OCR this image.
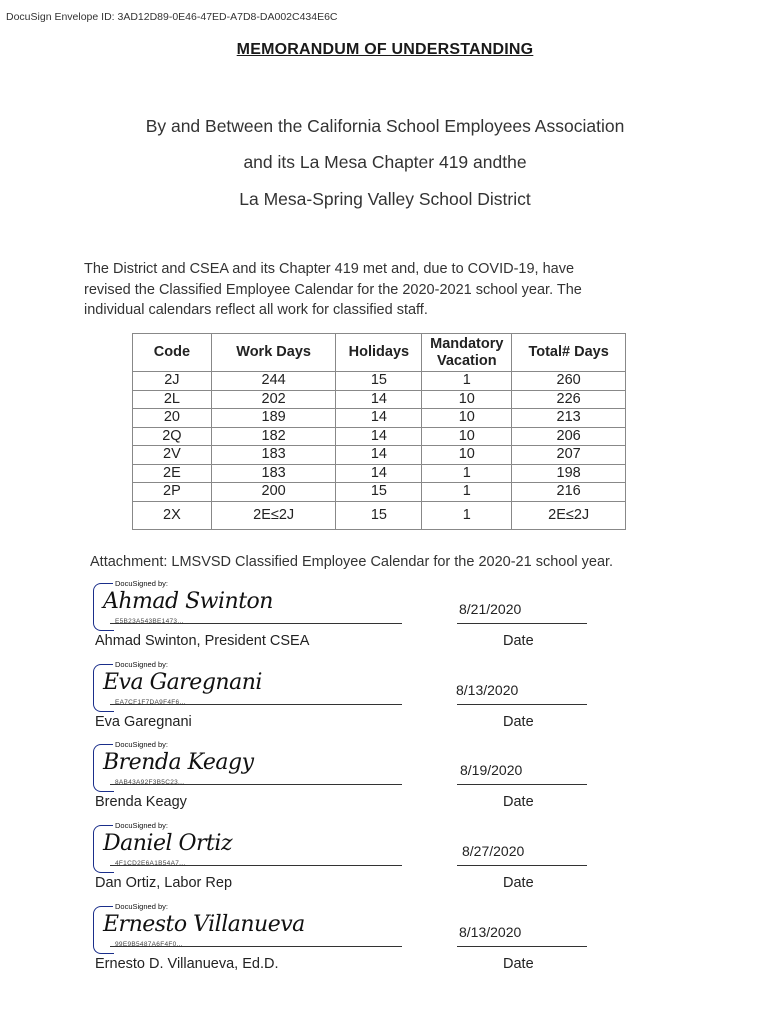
DocuSign Envelope ID: 3AD12D89-0E46-47ED-A7D8-DA002C434E6C
MEMORANDUM OF UNDERSTANDING
By and Between the California School Employees Association
and its La Mesa Chapter 419 andthe
La Mesa-Spring Valley School District
The District and CSEA and its Chapter 419 met and, due to COVID-19, have revised the Classified Employee Calendar for the 2020-2021 school year. The individual calendars reflect all work for classified staff.
Code	Work Days	Holidays	Mandatory Vacation	Total# Days
2J	244	15	1	260
2L	202	14	10	226
20	189	14	10	213
2Q	182	14	10	206
2V	183	14	10	207
2E	183	14	1	198
2P	200	15	1	216
2X	2E≤2J	15	1	2E≤2J
Attachment: LMSVSD Classified Employee Calendar for the 2020-21 school year.
DocuSigned by:
Ahmad Swinton
E5B23A543BE1473...
8/21/2020
Ahmad Swinton, President CSEA	Date
DocuSigned by:
Eva Garegnani
EA7CF1F7DA9F4F6...
8/13/2020
Eva Garegnani	Date
DocuSigned by:
Brenda Keagy
8AB43A92F3B5C23...
8/19/2020
Brenda Keagy	Date
DocuSigned by:
Daniel Ortiz
4F1CD2E6A1B54A7...
8/27/2020
Dan Ortiz, Labor Rep	Date
DocuSigned by:
Ernesto Villanueva
99E9B5487A6F4F0...
8/13/2020
Ernesto D. Villanueva, Ed.D.	Date
